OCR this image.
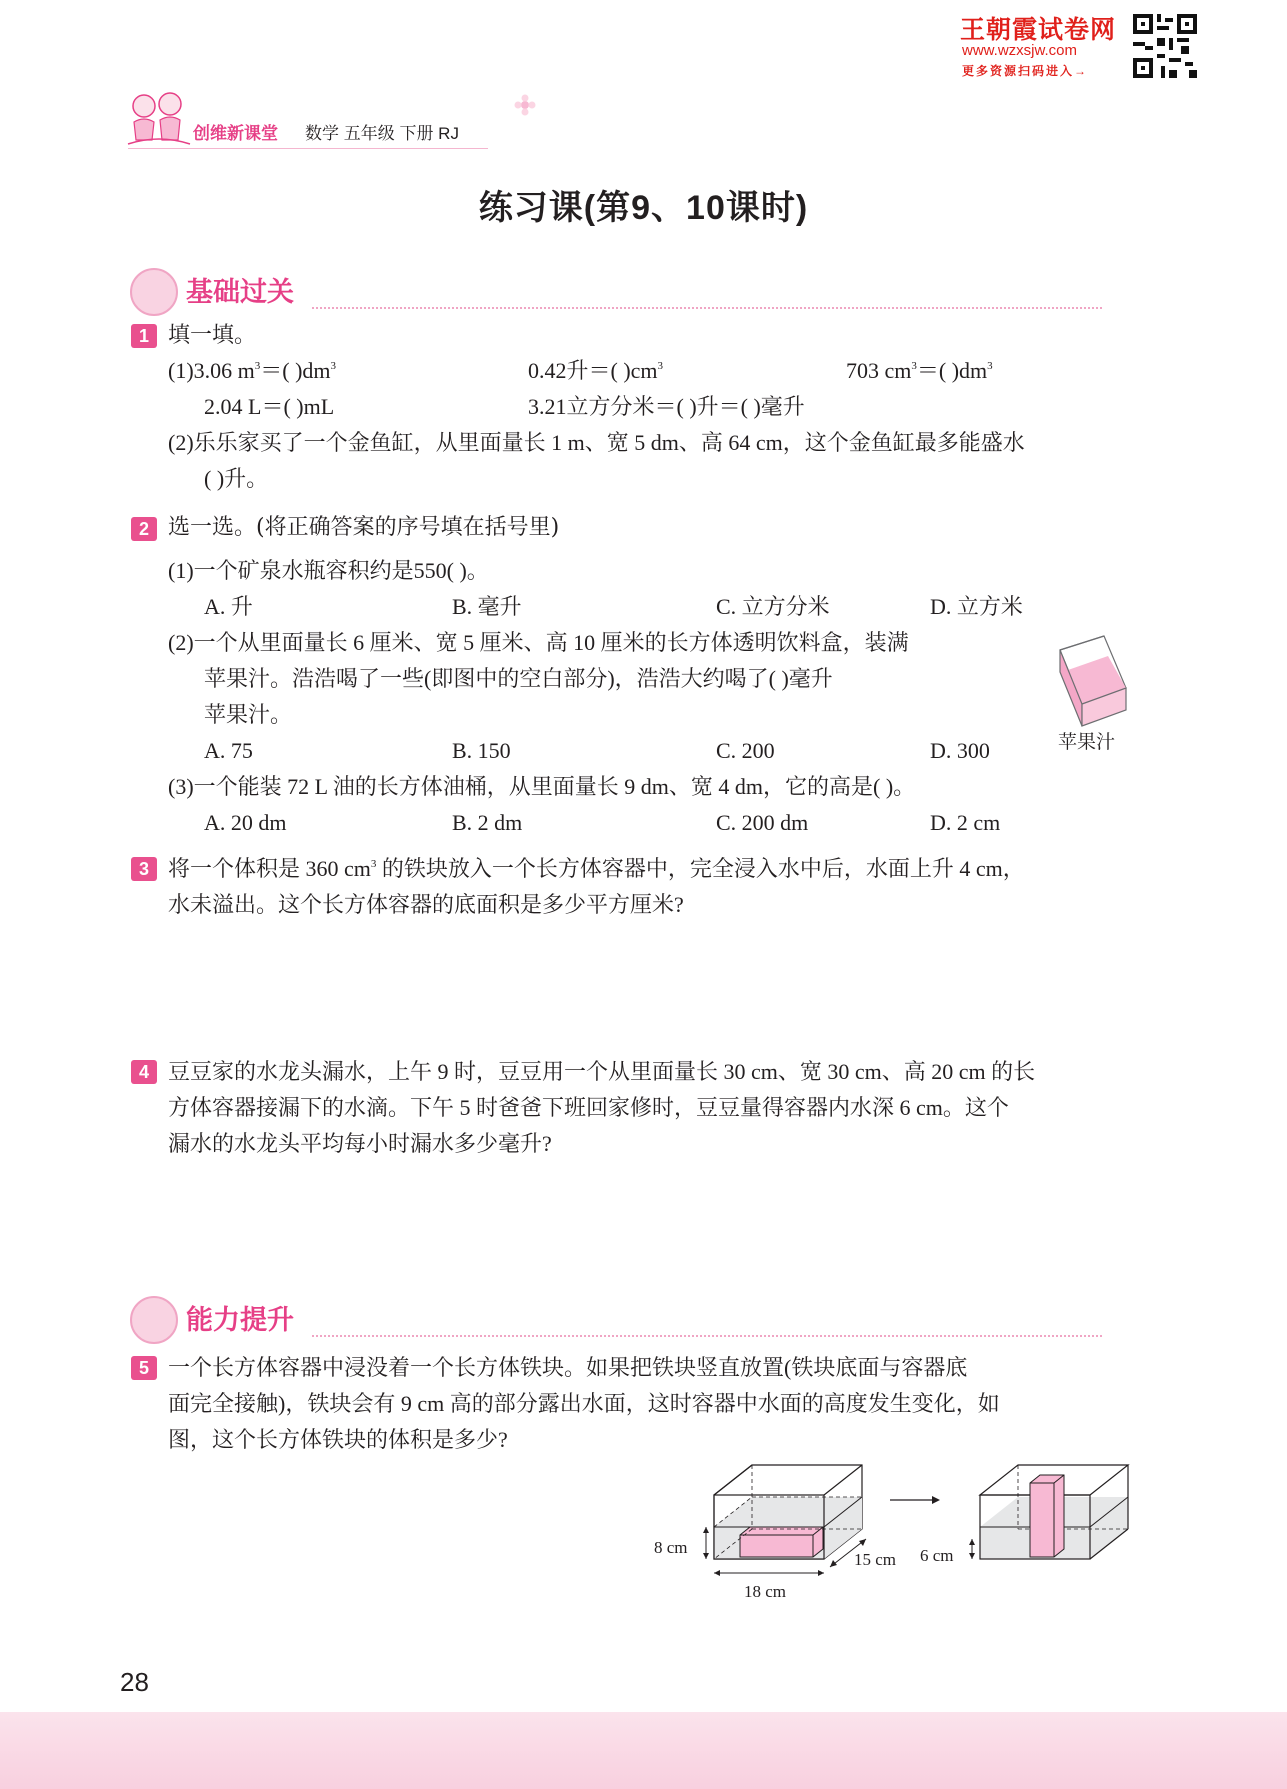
创维新课堂 数学 五年级 下册 RJ
王朝霞试卷网
www.wzxsjw.com
更多资源扫码进入→
练习课(第9、10课时)
基础过关
1 填一填。
(1)3.06 $m^3=$( )$dm^3$	0.42升＝( )$cm^3$	703 $cm^3=$( )$dm^3$
2.04 L＝( )mL	3.21立方分米＝( )升＝( )毫升
(2)乐乐家买了一个金鱼缸，从里面量长 1 m、宽 5 dm、高 64 cm，这个金鱼缸最多能盛水
( )升。
2 选一选。(将正确答案的序号填在括号里)
(1)一个矿泉水瓶容积约是550( )。
A. 升	B. 毫升	C. 立方分米	D. 立方米
(2)一个从里面量长 6 厘米、宽 5 厘米、高 10 厘米的长方体透明饮料盒，装满
苹果汁。浩浩喝了一些(即图中的空白部分)，浩浩大约喝了( )毫升
苹果汁。
A. 75	B. 150	C. 200	D. 300	苹果汁
(3)一个能装 72 L 油的长方体油桶，从里面量长 9 dm、宽 4 dm，它的高是( )。
A. 20 dm	B. 2 dm	C. 200 dm	D. 2 cm
3 将一个体积是 360 $cm^3$ 的铁块放入一个长方体容器中，完全浸入水中后，水面上升 4 cm，
水未溢出。这个长方体容器的底面积是多少平方厘米?
4 豆豆家的水龙头漏水，上午 9 时，豆豆用一个从里面量长 30 cm、宽 30 cm、高 20 cm 的长
方体容器接漏下的水滴。下午 5 时爸爸下班回家修时，豆豆量得容器内水深 6 cm。这个
漏水的水龙头平均每小时漏水多少毫升?
能力提升
5 一个长方体容器中浸没着一个长方体铁块。如果把铁块竖直放置(铁块底面与容器底
面完全接触)，铁块会有 9 cm 高的部分露出水面，这时容器中水面的高度发生变化，如
图，这个长方体铁块的体积是多少?
8 cm
15 cm
18 cm
6 cm
28
